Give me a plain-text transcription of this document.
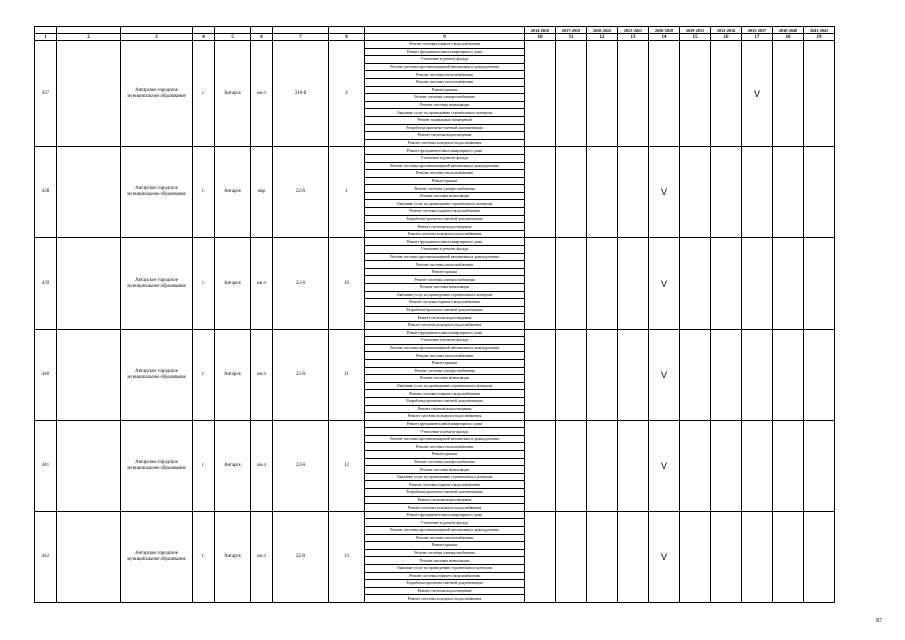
									2014-2016	2017-2019	2020-2022	2023-2025	2026-2028	2029-2031	2032-2034	2035-2037	2038-2040	2041-2043
1	2	3	4	5	6	7	8	9	10	11	12	13	14	15	16	17	18	19
437		Ангарское городское муниципальное образование	г.	Ангарск	кв-л	219-й	4	Ремонт системы горячего водоснабжения								V		
								Ремонт фундамента многоквартирного дома										
								Утепление и ремонт фасада										
								Ремонт системы противопожарной автоматики и дымоудаления										
								Ремонт системы теплоснабжения										
								Ремонт системы теплоснабжения										
								Ремонт крыши										
								Ремонт системы электроснабжения										
								Ремонт системы вентиляции										
								Оказание услуг по проведению строительного контроля										
								Ремонт подвальных помещений										
								Разработка проектно-сметной документации										
								Ремонт системы водоотведения										
								Ремонт системы холодного водоснабжения										
438		Ангарское городское муниципальное образование	г.	Ангарск	мкр	22-й	1	Ремонт фундамента многоквартирного дома					V					
								Утепление и ремонт фасада										
								Ремонт системы противопожарной автоматики и дымоудаления										
								Ремонт системы теплоснабжения										
								Ремонт крыши										
								Ремонт системы электроснабжения										
								Ремонт системы вентиляции										
								Оказание услуг по проведению строительного контроля										
								Ремонт системы горячего водоснабжения										
								Разработка проектно-сметной документации										
								Ремонт системы водоотведения										
								Ремонт системы холодного водоснабжения										
439		Ангарское городское муниципальное образование	г.	Ангарск	кв-л	22-й	10	Ремонт фундамента многоквартирного дома					V					
								Утепление и ремонт фасада										
								Ремонт системы противопожарной автоматики и дымоудаления										
								Ремонт системы теплоснабжения										
								Ремонт крыши										
								Ремонт системы электроснабжения										
								Ремонт системы вентиляции										
								Оказание услуг по проведению строительного контроля										
								Ремонт системы горячего водоснабжения										
								Разработка проектно-сметной документации										
								Ремонт системы водоотведения										
								Ремонт системы холодного водоснабжения										
440		Ангарское городское муниципальное образование	г.	Ангарск	кв-л	22-й	11	Ремонт фундамента многоквартирного дома					V					
								Утепление и ремонт фасада										
								Ремонт системы противопожарной автоматики и дымоудаления										
								Ремонт системы теплоснабжения										
								Ремонт крыши										
								Ремонт системы электроснабжения										
								Ремонт системы вентиляции										
								Оказание услуг по проведению строительного контроля										
								Ремонт системы горячего водоснабжения										
								Разработка проектно-сметной документации										
								Ремонт системы водоотведения										
								Ремонт системы холодного водоснабжения										
441		Ангарское городское муниципальное образование	г.	Ангарск	кв-л	22-й	12	Ремонт фундамента многоквартирного дома					V					
								Утепление и ремонт фасада										
								Ремонт системы противопожарной автоматики и дымоудаления										
								Ремонт системы теплоснабжения										
								Ремонт крыши										
								Ремонт системы электроснабжения										
								Ремонт системы вентиляции										
								Оказание услуг по проведению строительного контроля										
								Ремонт системы горячего водоснабжения										
								Разработка проектно-сметной документации										
								Ремонт системы водоотведения										
								Ремонт системы холодного водоснабжения										
442		Ангарское городское муниципальное образование	г.	Ангарск	кв-л	22-й	13	Ремонт фундамента многоквартирного дома					V					
								Утепление и ремонт фасада										
								Ремонт системы противопожарной автоматики и дымоудаления										
								Ремонт системы теплоснабжения										
								Ремонт крыши										
								Ремонт системы электроснабжения										
								Ремонт системы вентиляции										
								Оказание услуг по проведению строительного контроля										
								Ремонт системы горячего водоснабжения										
								Разработка проектно-сметной документации										
								Ремонт системы водоотведения										
								Ремонт системы холодного водоснабжения										
87
